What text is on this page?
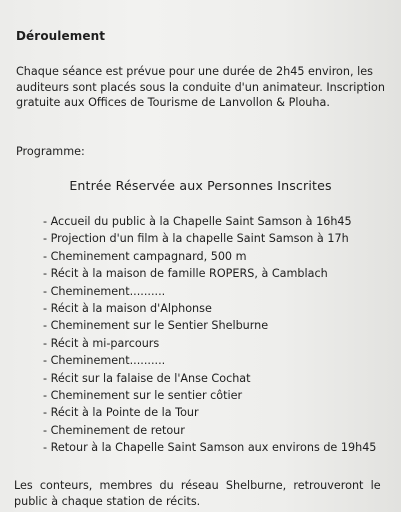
Déroulement
Chaque séance est prévue pour une durée de 2h45 environ, les
auditeurs sont placés sous la conduite d'un animateur. Inscription
gratuite aux Offices de Tourisme de Lanvollon & Plouha.
Programme:
Entrée Réservée aux Personnes Inscrites
- Accueil du public à la Chapelle Saint Samson à 16h45
- Projection d'un film à la chapelle Saint Samson à 17h
- Cheminement campagnard, 500 m
- Récit à la maison de famille ROPERS, à Camblach
- Cheminement..........
- Récit à la maison d'Alphonse
- Cheminement sur le Sentier Shelburne
- Récit à mi-parcours
- Cheminement..........
- Récit sur la falaise de l'Anse Cochat
- Cheminement sur le sentier côtier
- Récit à la Pointe de la Tour
- Cheminement de retour
- Retour à la Chapelle Saint Samson aux environs de 19h45
Les conteurs, membres du réseau Shelburne, retrouveront le
public à chaque station de récits.
